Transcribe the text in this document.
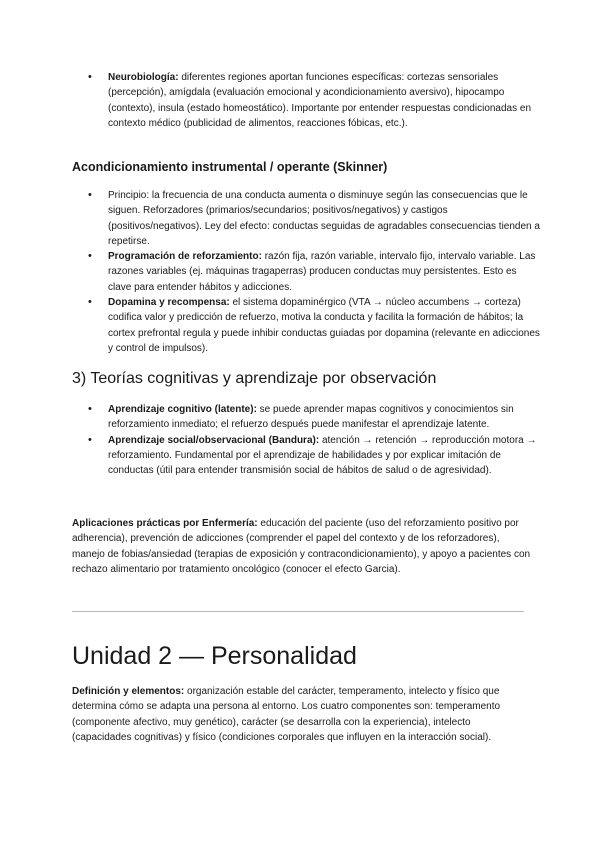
• Neurobiología: diferentes regiones aportan funciones específicas: cortezas sensoriales (percepción), amígdala (evaluación emocional y acondicionamiento aversivo), hipocampo (contexto), insula (estado homeostático). Importante por entender respuestas condicionadas en contexto médico (publicidad de alimentos, reacciones fóbicas, etc.).
Acondicionamiento instrumental / operante (Skinner)
• Principio: la frecuencia de una conducta aumenta o disminuye según las consecuencias que le siguen. Reforzadores (primarios/secundarios; positivos/negativos) y castigos (positivos/negativos). Ley del efecto: conductas seguidas de agradables consecuencias tienden a repetirse.
• Programación de reforzamiento: razón fija, razón variable, intervalo fijo, intervalo variable. Las razones variables (ej. máquinas tragaperras) producen conductas muy persistentes. Esto es clave para entender hábitos y adicciones.
• Dopamina y recompensa: el sistema dopaminérgico (VTA → núcleo accumbens → corteza) codifica valor y predicción de refuerzo, motiva la conducta y facilita la formación de hábitos; la cortex prefrontal regula y puede inhibir conductas guiadas por dopamina (relevante en adicciones y control de impulsos).
3) Teorías cognitivas y aprendizaje por observación
• Aprendizaje cognitivo (latente): se puede aprender mapas cognitivos y conocimientos sin reforzamiento inmediato; el refuerzo después puede manifestar el aprendizaje latente.
• Aprendizaje social/observacional (Bandura): atención → retención → reproducción motora → reforzamiento. Fundamental por el aprendizaje de habilidades y por explicar imitación de conductas (útil para entender transmisión social de hábitos de salud o de agresividad).

Aplicaciones prácticas por Enfermería: educación del paciente (uso del reforzamiento positivo por adherencia), prevención de adicciones (comprender el papel del contexto y de los reforzadores), manejo de fobias/ansiedad (terapias de exposición y contracondicionamiento), y apoyo a pacientes con rechazo alimentario por tratamiento oncológico (conocer el efecto Garcia).

Unidad 2 — Personalidad

Definición y elementos: organización estable del carácter, temperamento, intelecto y físico que determina cómo se adapta una persona al entorno. Los cuatro componentes son: temperamento (componente afectivo, muy genético), carácter (se desarrolla con la experiencia), intelecto (capacidades cognitivas) y físico (condiciones corporales que influyen en la interacción social).
